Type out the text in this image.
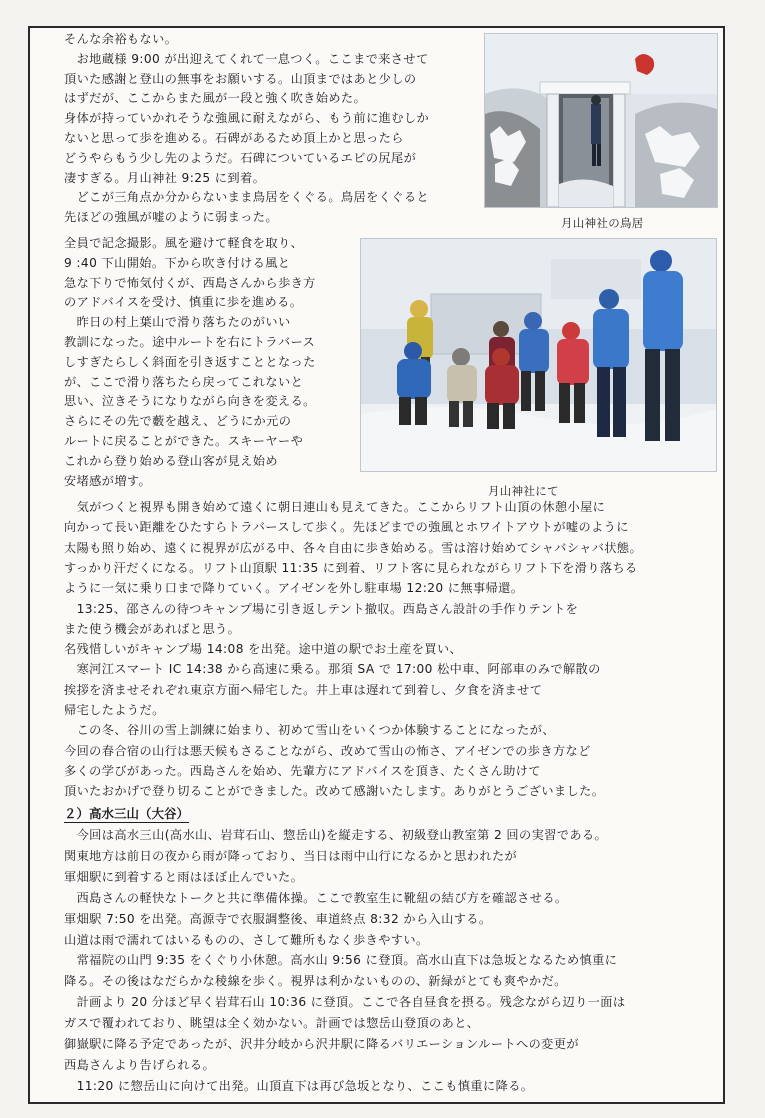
そんな余裕もない。
　お地蔵様 9:00 が出迎えてくれて一息つく。ここまで来させて
頂いた感謝と登山の無事をお願いする。山頂まではあと少しの
はずだが、ここからまた風が一段と強く吹き始めた。
身体が持っていかれそうな強風に耐えながら、もう前に進むしか
ないと思って歩を進める。石碑があるため頂上かと思ったら
どうやらもう少し先のようだ。石碑についているエビの尻尾が
凄すぎる。月山神社 9:25 に到着。
　どこが三角点か分からないまま鳥居をくぐる。鳥居をくぐると
先ほどの強風が嘘のように弱まった。
全員で記念撮影。風を避けて軽食を取り、
9 :40 下山開始。下から吹き付ける風と
急な下りで怖気付くが、西島さんから歩き方
のアドバイスを受け、慎重に歩を進める。
　昨日の村上葉山で滑り落ちたのがいい
教訓になった。途中ルートを右にトラバース
しすぎたらしく斜面を引き返すこととなった
が、ここで滑り落ちたら戻ってこれないと
思い、泣きそうになりながら向きを変える。
さらにその先で藪を越え、どうにか元の
ルートに戻ることができた。スキーヤーや
これから登り始める登山客が見え始め
安堵感が増す。
　気がつくと視界も開き始めて遠くに朝日連山も見えてきた。ここからリフト山頂の休憩小屋に
向かって長い距離をひたすらトラバースして歩く。先ほどまでの強風とホワイトアウトが嘘のように
太陽も照り始め、遠くに視界が広がる中、各々自由に歩き始める。雪は溶け始めてシャバシャバ状態。
すっかり汗だくになる。リフト山頂駅 11:35 に到着、リフト客に見られながらリフト下を滑り落ちる
ように一気に乗り口まで降りていく。アイゼンを外し駐車場 12:20 に無事帰還。
　13:25、邵さんの待つキャンプ場に引き返しテント撤収。西島さん設計の手作りテントを
また使う機会があればと思う。
名残惜しいがキャンプ場 14:08 を出発。途中道の駅でお土産を買い、
　寒河江スマート IC 14:38 から高速に乗る。那須 SA で 17:00 松中車、阿部車のみで解散の
挨拶を済ませそれぞれ東京方面へ帰宅した。井上車は遅れて到着し、夕食を済ませて
帰宅したようだ。
　この冬、谷川の雪上訓練に始まり、初めて雪山をいくつか体験することになったが、
今回の春合宿の山行は悪天候もさることながら、改めて雪山の怖さ、アイゼンでの歩き方など
多くの学びがあった。西島さんを始め、先輩方にアドバイスを頂き、たくさん助けて
頂いたおかげで登り切ることができました。改めて感謝いたします。ありがとうございました。
２）高水三山（大谷）
　今回は高水三山(高水山、岩茸石山、惣岳山)を縦走する、初級登山教室第 2 回の実習である。
関東地方は前日の夜から雨が降っており、当日は雨中山行になるかと思われたが
軍畑駅に到着すると雨はほぼ止んでいた。
　西島さんの軽快なトークと共に準備体操。ここで教室生に靴紐の結び方を確認させる。
軍畑駅 7:50 を出発。高源寺で衣服調整後、車道終点 8:32 から入山する。
山道は雨で濡れてはいるものの、さして難所もなく歩きやすい。
　常福院の山門 9:35 をくぐり小休憩。高水山 9:56 に登頂。高水山直下は急坂となるため慎重に
降る。その後はなだらかな稜線を歩く。視界は利かないものの、新緑がとても爽やかだ。
　計画より 20 分ほど早く岩茸石山 10:36 に登頂。ここで各自昼食を摂る。残念ながら辺り一面は
ガスで覆われており、眺望は全く効かない。計画では惣岳山登頂のあと、
御嶽駅に降る予定であったが、沢井分岐から沢井駅に降るバリエーションルートへの変更が
西島さんより告げられる。
　11:20 に惣岳山に向けて出発。山頂直下は再び急坂となり、ここも慎重に降る。
月山神社の鳥居
月山神社にて
